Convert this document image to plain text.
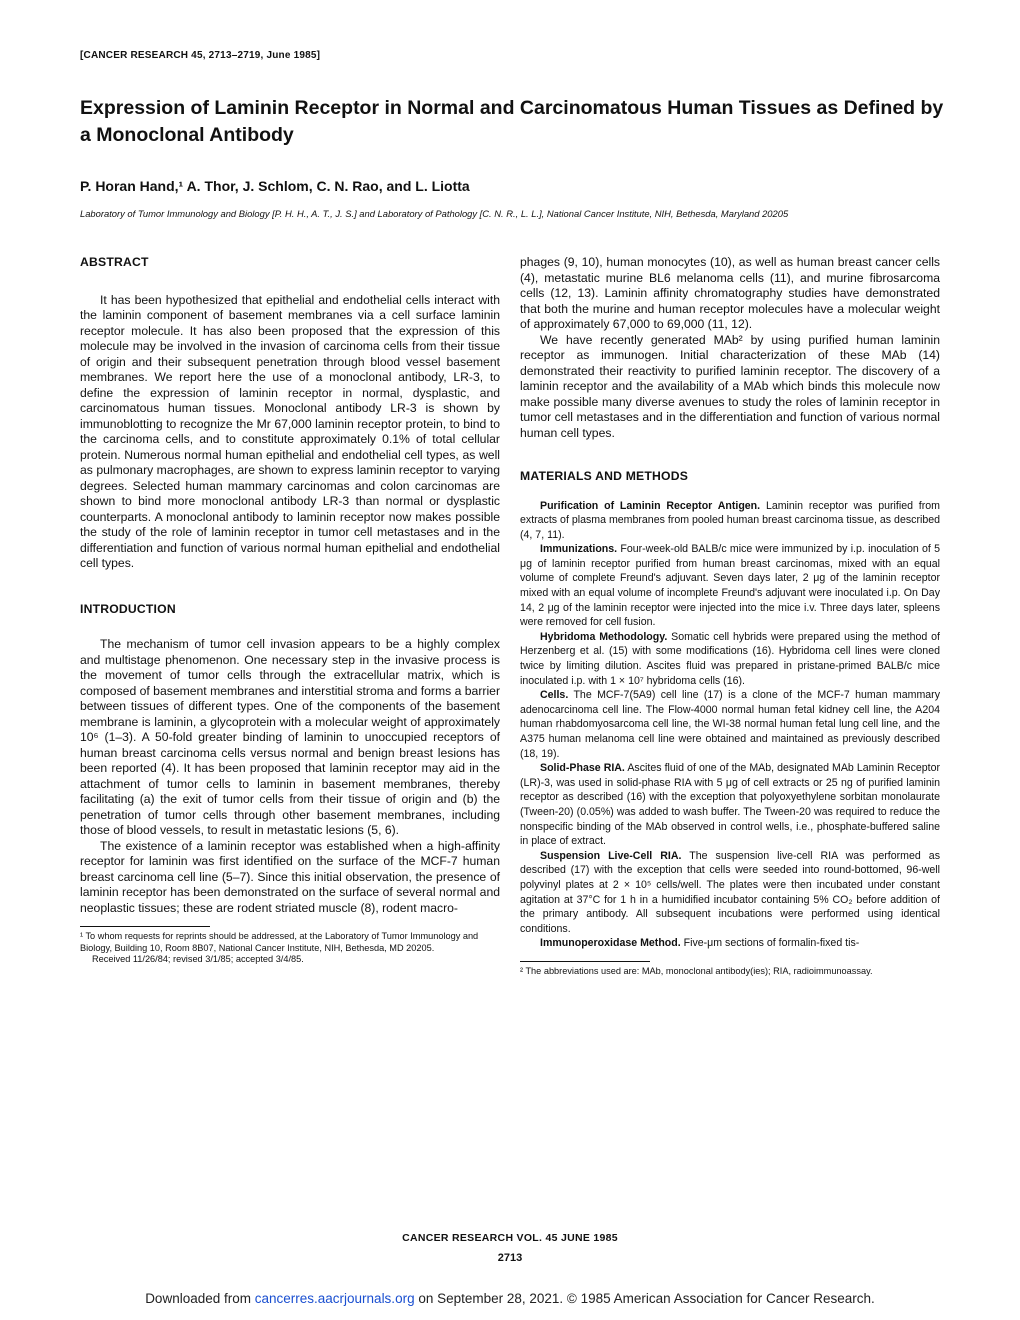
[CANCER RESEARCH 45, 2713–2719, June 1985]
Expression of Laminin Receptor in Normal and Carcinomatous Human Tissues as Defined by a Monoclonal Antibody
P. Horan Hand,¹ A. Thor, J. Schlom, C. N. Rao, and L. Liotta
Laboratory of Tumor Immunology and Biology [P. H. H., A. T., J. S.] and Laboratory of Pathology [C. N. R., L. L.], National Cancer Institute, NIH, Bethesda, Maryland 20205
ABSTRACT

It has been hypothesized that epithelial and endothelial cells interact with the laminin component of basement membranes via a cell surface laminin receptor molecule. It has also been proposed that the expression of this molecule may be involved in the invasion of carcinoma cells from their tissue of origin and their subsequent penetration through blood vessel basement membranes. We report here the use of a monoclonal antibody, LR-3, to define the expression of laminin receptor in normal, dysplastic, and carcinomatous human tissues. Monoclonal antibody LR-3 is shown by immunoblotting to recognize the Mr 67,000 laminin receptor protein, to bind to the carcinoma cells, and to constitute approximately 0.1% of total cellular protein. Numerous normal human epithelial and endothelial cell types, as well as pulmonary macrophages, are shown to express laminin receptor to varying degrees. Selected human mammary carcinomas and colon carcinomas are shown to bind more monoclonal antibody LR-3 than normal or dysplastic counterparts. A monoclonal antibody to laminin receptor now makes possible the study of the role of laminin receptor in tumor cell metastases and in the differentiation and function of various normal human epithelial and endothelial cell types.

INTRODUCTION

The mechanism of tumor cell invasion appears to be a highly complex and multistage phenomenon. One necessary step in the invasive process is the movement of tumor cells through the extracellular matrix, which is composed of basement membranes and interstitial stroma and forms a barrier between tissues of different types. One of the components of the basement membrane is laminin, a glycoprotein with a molecular weight of approximately 10⁶ (1–3). A 50-fold greater binding of laminin to unoccupied receptors of human breast carcinoma cells versus normal and benign breast lesions has been reported (4). It has been proposed that laminin receptor may aid in the attachment of tumor cells to laminin in basement membranes, thereby facilitating (a) the exit of tumor cells from their tissue of origin and (b) the penetration of tumor cells through other basement membranes, including those of blood vessels, to result in metastatic lesions (5, 6).

The existence of a laminin receptor was established when a high-affinity receptor for laminin was first identified on the surface of the MCF-7 human breast carcinoma cell line (5–7). Since this initial observation, the presence of laminin receptor has been demonstrated on the surface of several normal and neoplastic tissues; these are rodent striated muscle (8), rodent macro-

¹ To whom requests for reprints should be addressed, at the Laboratory of Tumor Immunology and Biology, Building 10, Room 8B07, National Cancer Institute, NIH, Bethesda, MD 20205.

Received 11/26/84; revised 3/1/85; accepted 3/4/85.

phages (9, 10), human monocytes (10), as well as human breast cancer cells (4), metastatic murine BL6 melanoma cells (11), and murine fibrosarcoma cells (12, 13). Laminin affinity chromatography studies have demonstrated that both the murine and human receptor molecules have a molecular weight of approximately 67,000 to 69,000 (11, 12).

We have recently generated MAb² by using purified human laminin receptor as immunogen. Initial characterization of these MAb (14) demonstrated their reactivity to purified laminin receptor. The discovery of a laminin receptor and the availability of a MAb which binds this molecule now make possible many diverse avenues to study the roles of laminin receptor in tumor cell metastases and in the differentiation and function of various normal human cell types.

MATERIALS AND METHODS

Purification of Laminin Receptor Antigen. Laminin receptor was purified from extracts of plasma membranes from pooled human breast carcinoma tissue, as described (4, 7, 11).

Immunizations. Four-week-old BALB/c mice were immunized by i.p. inoculation of 5 μg of laminin receptor purified from human breast carcinomas, mixed with an equal volume of complete Freund's adjuvant. Seven days later, 2 μg of the laminin receptor mixed with an equal volume of incomplete Freund's adjuvant were inoculated i.p. On Day 14, 2 μg of the laminin receptor were injected into the mice i.v. Three days later, spleens were removed for cell fusion.

Hybridoma Methodology. Somatic cell hybrids were prepared using the method of Herzenberg et al. (15) with some modifications (16). Hybridoma cell lines were cloned twice by limiting dilution. Ascites fluid was prepared in pristane-primed BALB/c mice inoculated i.p. with 1 × 10⁷ hybridoma cells (16).

Cells. The MCF-7(5A9) cell line (17) is a clone of the MCF-7 human mammary adenocarcinoma cell line. The Flow-4000 normal human fetal kidney cell line, the A204 human rhabdomyosarcoma cell line, the WI-38 normal human fetal lung cell line, and the A375 human melanoma cell line were obtained and maintained as previously described (18, 19).

Solid-Phase RIA. Ascites fluid of one of the MAb, designated MAb Laminin Receptor (LR)-3, was used in solid-phase RIA with 5 μg of cell extracts or 25 ng of purified laminin receptor as described (16) with the exception that polyoxyethylene sorbitan monolaurate (Tween-20) (0.05%) was added to wash buffer. The Tween-20 was required to reduce the nonspecific binding of the MAb observed in control wells, i.e., phosphate-buffered saline in place of extract.

Suspension Live-Cell RIA. The suspension live-cell RIA was performed as described (17) with the exception that cells were seeded into round-bottomed, 96-well polyvinyl plates at 2 × 10⁵ cells/well. The plates were then incubated under constant agitation at 37°C for 1 h in a humidified incubator containing 5% CO₂ before addition of the primary antibody. All subsequent incubations were performed using identical conditions.

Immunoperoxidase Method. Five-μm sections of formalin-fixed tis-

² The abbreviations used are: MAb, monoclonal antibody(ies); RIA, radioimmunoassay.

CANCER RESEARCH VOL. 45 JUNE 1985
2713
Downloaded from cancerres.aacrjournals.org on September 28, 2021. © 1985 American Association for Cancer Research.
